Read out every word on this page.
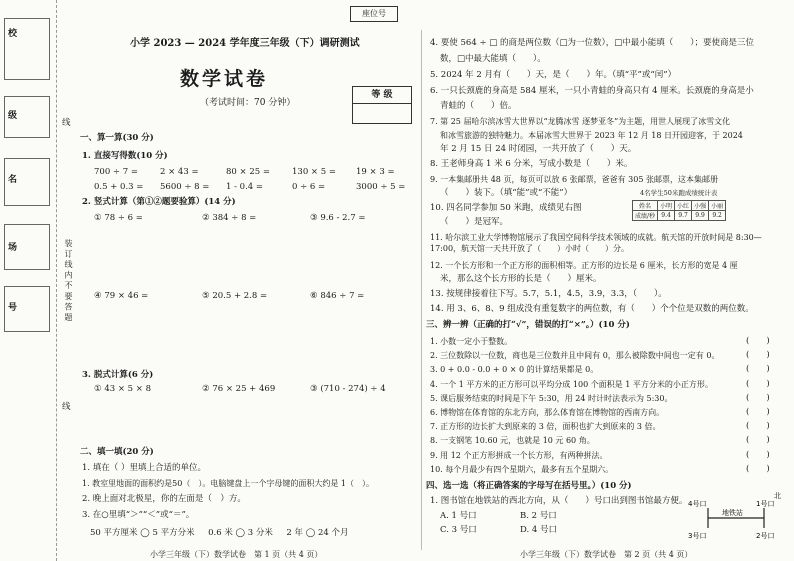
校
级
名
场
号	装 订 线 内 不 要 答 题
线
线
座位号
小学 2023 — 2024 学年度三年级（下）调研测试
数学试卷
（考试时间：70 分钟）
等 级
一、算一算(30 分)
1. 直接写得数(10 分)
700 ÷ 7 =	2 × 43 =	80 × 25 =	130 × 5 = 19 × 3 =
0.5 + 0.3 = 5600 ÷ 8 = 1 - 0.4 =	0 ÷ 6 =	3000 ÷ 5 =
2. 竖式计算（第①②题要验算）(14 分)
① 78 ÷ 6 =	② 384 ÷ 8 =	③ 9.6 - 2.7 =
④ 79 × 46 =	⑤ 20.5 + 2.8 =	⑥ 846 ÷ 7 =
3. 脱式计算(6 分)
① 43 × 5 × 8	② 76 × 25 + 469	③ (710 - 274) ÷ 4
二、填一填(20 分)
1. 填在（ ）里填上合适的单位。
1. 教室里地面的面积约是50（　）。电脑键盘上一个字母键的面积大约是 1（　）。
2. 晚上面对北极星，你的左面是（　）方。
3. 在○里填“＞”“＜”或“＝”。
50 平方厘米 ◯ 5 平方分米 0.6 米 ◯ 3 分米 2 年 ◯ 24 个月
小学三年级（下）数学试卷　第 1 页（共 4 页）
4. 要使 564 ÷ □ 的商是两位数（□为一位数），□中最小能填（　　）；要使商是三位
数，□中最大能填（　　）。
5. 2024 年 2 月有（　　）天，是（　　）年。（填“平”或“闰”）
6. 一只长颈鹿的身高是 584 厘米，一只小青蛙的身高只有 4 厘米。长颈鹿的身高是小
青蛙的（　　）倍。
7. 第 25 届哈尔滨冰雪大世界以“龙腾冰雪 逐梦亚冬”为主题，用世人展现了冰雪文化
和冰雪旅游的独特魅力。本届冰雪大世界于 2023 年 12 月 18 日开园迎客，于 2024
年 2 月 15 日 24 时闭园，一共开放了（　　）天。
8. 王老师身高 1 米 6 分米，写成小数是（　　）米。
9. 一本集邮册共 48 页，每页可以放 6 张邮票，爸爸有 305 张邮票，这本集邮册
（　　）装下。（填“能”或“不能”）
10. 四名同学参加 50 米跑，成绩见右图
（　　）是冠军。
4名学生50米跑成绩统计表
姓名	小明	小红	小强	小丽
成绩/秒	9.4	9.7	9.9	9.2
11. 哈尔滨工业大学博物馆展示了我国空间科学技术领域的成就。航天馆的开放时间是 8:30—17:00，航天馆一天共开放了（　　）小时（　　）分。
12. 一个长方形和一个正方形的面积相等。正方形的边长是 6 厘米，长方形的宽是 4 厘
米，那么这个长方形的长是（　　）厘米。
13. 按规律接着往下写。5.7，5.1，4.5，3.9，3.3，（　　）。
14. 用 3、6、8、9 组成没有重复数字的两位数，有（　　）个个位是双数的两位数。
三、辨一辨（正确的打“√”，错误的打“×”。）(10 分)
1. 小数一定小于整数。	(　　)
2. 三位数除以一位数，商也是三位数并且中间有 0，那么被除数中间也一定有 0。	(　　)
3. 0 + 0.0 - 0.0 + 0 × 0 的计算结果都是 0。	(　　)
4. 一个 1 平方米的正方形可以平均分成 100 个面积是 1 平方分米的小正方形。	(　　)
5. 课后服务结束的时间是下午 5:30，用 24 时计时法表示为 5:30。	(　　)
6. 博物馆在体育馆的东北方向，那么体育馆在博物馆的西南方向。	(　　)
7. 正方形的边长扩大到原来的 3 倍，面积也扩大到原来的 3 倍。	(　　)
8. 一支钢笔 10.60 元，也就是 10 元 60 角。	(　　)
9. 用 12 个正方形拼成一个长方形，有两种拼法。	(　　)
10. 每个月最少有四个星期六，最多有五个星期六。	(　　)
四、选一选（将正确答案的字母写在括号里。）(10 分)
1. 图书馆在地铁站的西北方向，从（　　）号口出到图书馆最方便。
A. 1 号口	B. 2 号口
C. 3 号口	D. 4 号口
北
4号口	1号口
3号口	2号口
地铁站
小学三年级（下）数学试卷　第 2 页（共 4 页）
